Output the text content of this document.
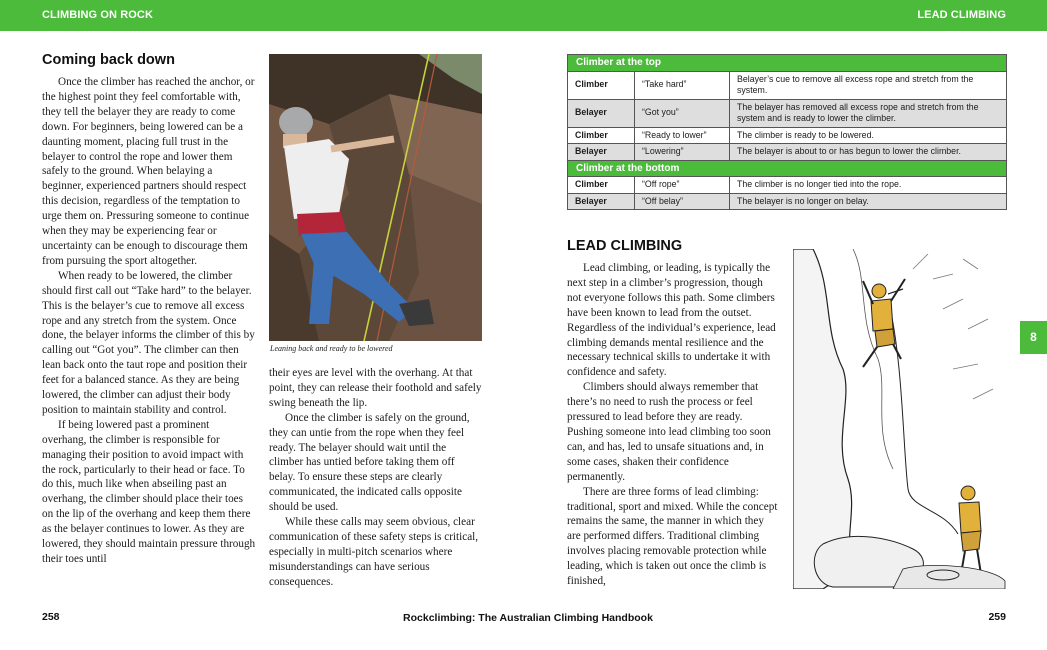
CLIMBING ON ROCK	LEAD CLIMBING
Coming back down

Once the climber has reached the anchor, or the highest point they feel comfortable with, they tell the belayer they are ready to come down. For beginners, being lowered can be a daunting moment, placing full trust in the belayer to control the rope and lower them safely to the ground. When belaying a beginner, experienced partners should respect this decision, regardless of the temptation to urge them on. Pressuring someone to continue when they may be experiencing fear or uncertainty can be enough to discourage them from pursuing the sport altogether.

When ready to be lowered, the climber should first call out “Take hard” to the belayer. This is the belayer’s cue to remove all excess rope and any stretch from the system. Once done, the belayer informs the climber of this by calling out “Got you”. The climber can then lean back onto the taut rope and position their feet for a balanced stance. As they are being lowered, the climber can adjust their body position to maintain stability and control.

If being lowered past a prominent overhang, the climber is responsible for managing their position to avoid impact with the rock, particularly to their head or face. To do this, much like when abseiling past an overhang, the climber should place their toes on the lip of the overhang and keep them there as the belayer continues to lower. As they are lowered, they should maintain pressure through their toes until

Leaning back and ready to be lowered

their eyes are level with the overhang. At that point, they can release their foothold and safely swing beneath the lip.

Once the climber is safely on the ground, they can untie from the rope when they feel ready. The belayer should wait until the climber has untied before taking them off belay. To ensure these steps are clearly communicated, the indicated calls opposite should be used.

While these calls may seem obvious, clear communication of these safety steps is critical, especially in multi-pitch scenarios where misunderstandings can have serious consequences.

258
Climber at the top		
Climber	“Take hard”	Belayer’s cue to remove all excess rope and stretch from the system.
Belayer	“Got you”	The belayer has removed all excess rope and stretch from the system and is ready to lower the climber.
Climber	“Ready to lower”	The climber is ready to be lowered.
Belayer	“Lowering”	The belayer is about to or has begun to lower the climber.
Climber at the bottom		
Climber	“Off rope”	The climber is no longer tied into the rope.
Belayer	“Off belay”	The belayer is no longer on belay.
LEAD CLIMBING

Lead climbing, or leading, is typically the next step in a climber’s progression, though not everyone follows this path. Some climbers have been known to lead from the outset. Regardless of the individual’s experience, lead climbing demands mental resilience and the necessary technical skills to undertake it with confidence and safety.

Climbers should always remember that there’s no need to rush the process or feel pressured to lead before they are ready. Pushing someone into lead climbing too soon can, and has, led to unsafe situations and, in some cases, shaken their confidence permanently.

There are three forms of lead climbing: traditional, sport and mixed. While the concept remains the same, the manner in which they are performed differs. Traditional climbing involves placing removable protection while leading, which is taken out once the climb is finished,

8
Rockclimbing: The Australian Climbing Handbook	259
